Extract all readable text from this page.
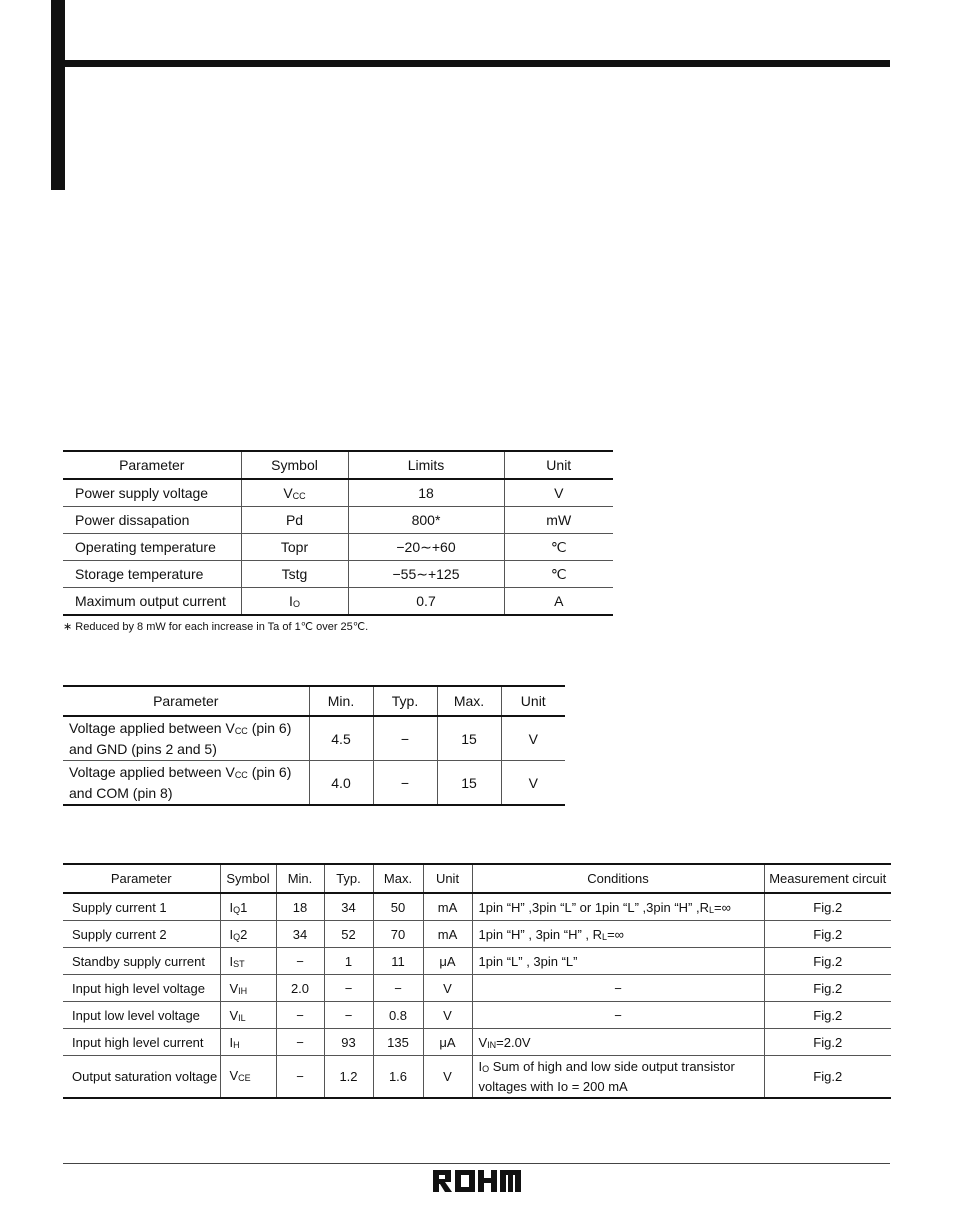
Parameter	Symbol	Limits	Unit
Power supply voltage	$V_{CC}$	18	V
Power dissapation	Pd	800*	mW
Operating temperature	Topr	−20∼+60	℃
Storage temperature	Tstg	−55∼+125	℃
Maximum output current	$I_O$	0.7	A
∗ Reduced by 8 mW for each increase in Ta of 1℃ over 25℃.
Parameter	Min.	Typ.	Max.	Unit
Voltage applied between $V_{CC}$ (pin 6)
and GND (pins 2 and 5)	4.5	−	15	V
Voltage applied between $V_{CC}$ (pin 6)
and COM (pin 8)	4.0	−	15	V
Parameter	Symbol	Min.	Typ.	Max.	Unit	Conditions	Measurement circuit
Supply current 1	$I_Q1$	18	34	50	mA	1pin “H” ,3pin “L” or 1pin “L” ,3pin “H” $,R_L=\infty$	Fig.2
Supply current 2	$I_Q2$	34	52	70	mA	1pin “H” , 3pin “H” , $R_L=\infty$	Fig.2
Standby supply current	$I_{ST}$	−	1	11	μA	1pin “L” , 3pin “L”	Fig.2
Input high level voltage	$V_{IH}$	2.0	−	−	V	−	Fig.2
Input low level voltage	$V_{IL}$	−	−	0.8	V	−	Fig.2
Input high level current	$I_H$	−	93	135	μA	$V_{IN}=2.0V$	Fig.2
Output saturation voltage	$V_{CE}$	−	1.2	1.6	V	$I_O$ Sum of high and low side output transistor
voltages with Io = 200 mA	Fig.2
